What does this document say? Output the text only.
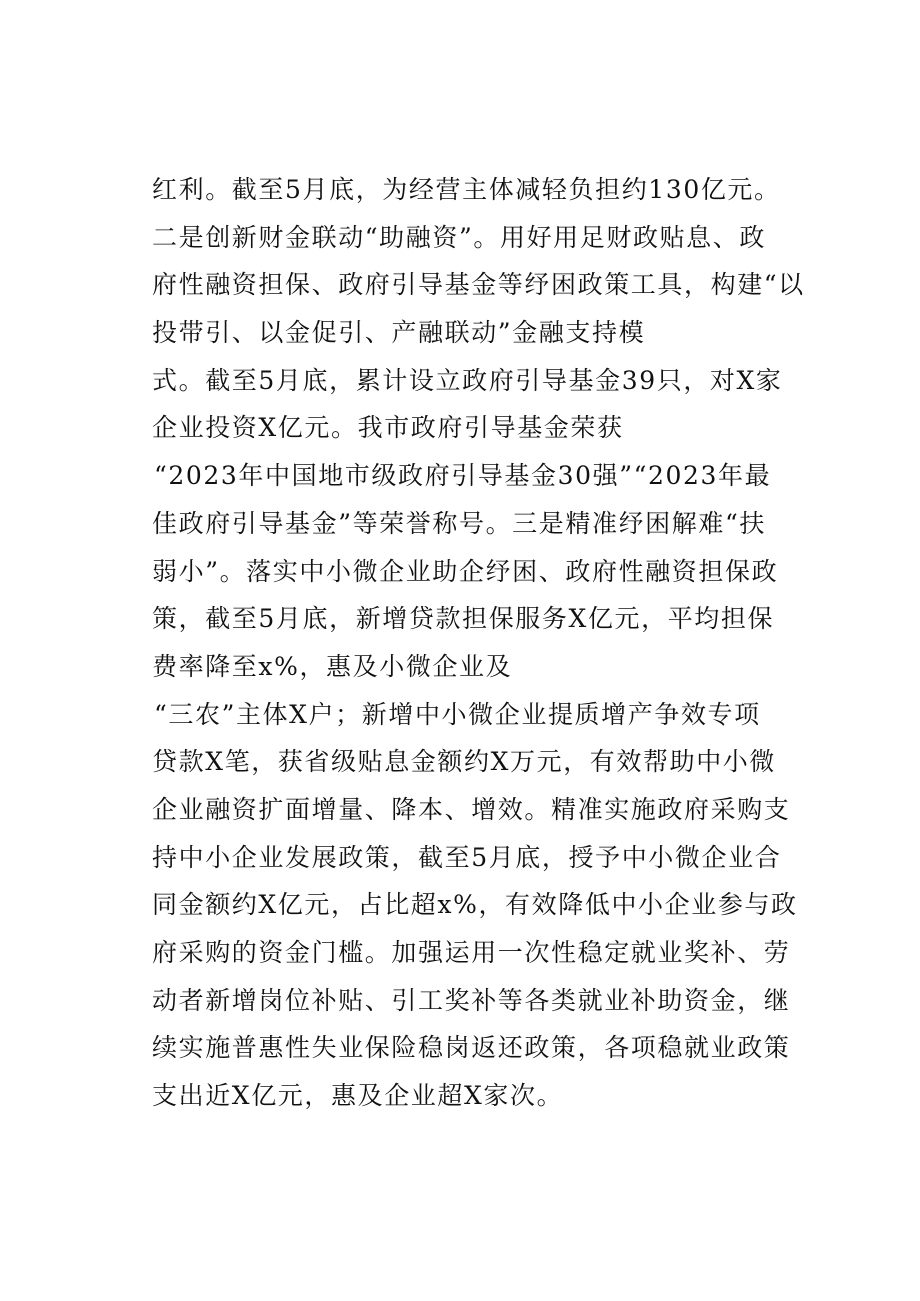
红利。截至5月底，为经营主体减轻负担约130亿元。
二是创新财金联动“助融资”。用好用足财政贴息、政
府性融资担保、政府引导基金等纾困政策工具，构建“以
投带引、以金促引、产融联动”金融支持模
式。截至5月底，累计设立政府引导基金39只，对X家
企业投资X亿元。我市政府引导基金荣获
“2023年中国地市级政府引导基金30强”“2023年最
佳政府引导基金”等荣誉称号。三是精准纾困解难“扶
弱小”。落实中小微企业助企纾困、政府性融资担保政
策，截至5月底，新增贷款担保服务X亿元，平均担保
费率降至x%，惠及小微企业及
“三农”主体X户；新增中小微企业提质增产争效专项
贷款X笔，获省级贴息金额约X万元，有效帮助中小微
企业融资扩面增量、降本、增效。精准实施政府采购支
持中小企业发展政策，截至5月底，授予中小微企业合
同金额约X亿元，占比超x%，有效降低中小企业参与政
府采购的资金门槛。加强运用一次性稳定就业奖补、劳
动者新增岗位补贴、引工奖补等各类就业补助资金，继
续实施普惠性失业保险稳岗返还政策，各项稳就业政策
支出近X亿元，惠及企业超X家次。
